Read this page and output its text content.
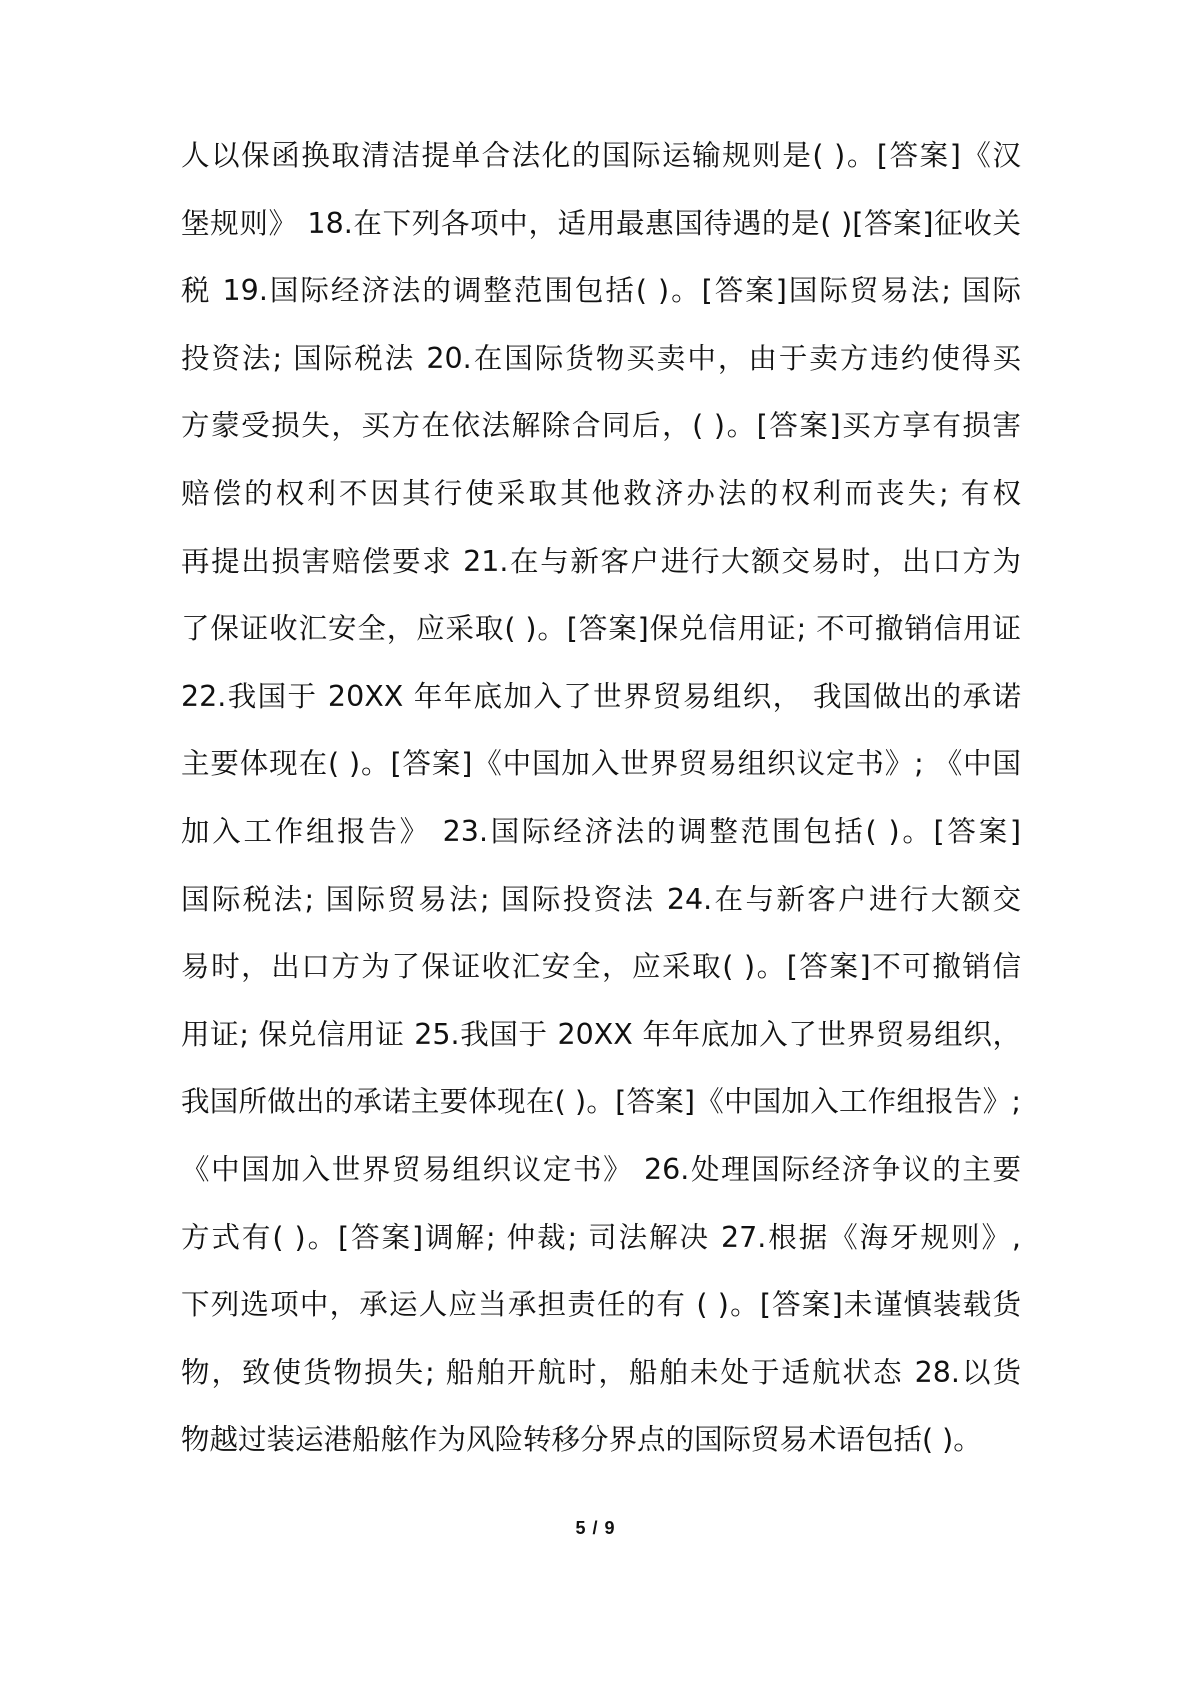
人以保函换取清洁提单合法化的国际运输规则是( )。[答案]《汉
堡规则》 18.在下列各项中，适用最惠国待遇的是( )[答案]征收关
税 19.国际经济法的调整范围包括( )。[答案]国际贸易法; 国际
投资法; 国际税法 20.在国际货物买卖中，由于卖方违约使得买
方蒙受损失，买方在依法解除合同后，( )。[答案]买方享有损害
赔偿的权利不因其行使采取其他救济办法的权利而丧失; 有权
再提出损害赔偿要求 21.在与新客户进行大额交易时，出口方为
了保证收汇安全，应采取( )。[答案]保兑信用证; 不可撤销信用证
22.我国于 20XX 年年底加入了世界贸易组织， 我国做出的承诺
主要体现在( )。[答案]《中国加入世界贸易组织议定书》; 《中国
加入工作组报告》 23.国际经济法的调整范围包括( )。[答案]
国际税法; 国际贸易法; 国际投资法 24.在与新客户进行大额交
易时，出口方为了保证收汇安全，应采取( )。[答案]不可撤销信
用证; 保兑信用证 25.我国于 20XX 年年底加入了世界贸易组织，
我国所做出的承诺主要体现在( )。[答案]《中国加入工作组报告》;
《中国加入世界贸易组织议定书》 26.处理国际经济争议的主要
方式有( )。[答案]调解; 仲裁; 司法解决 27.根据《海牙规则》,
下列选项中，承运人应当承担责任的有 ( )。[答案]未谨慎装载货
物，致使货物损失; 船舶开航时，船舶未处于适航状态 28.以货
物越过装运港船舷作为风险转移分界点的国际贸易术语包括( )。
5 / 9
